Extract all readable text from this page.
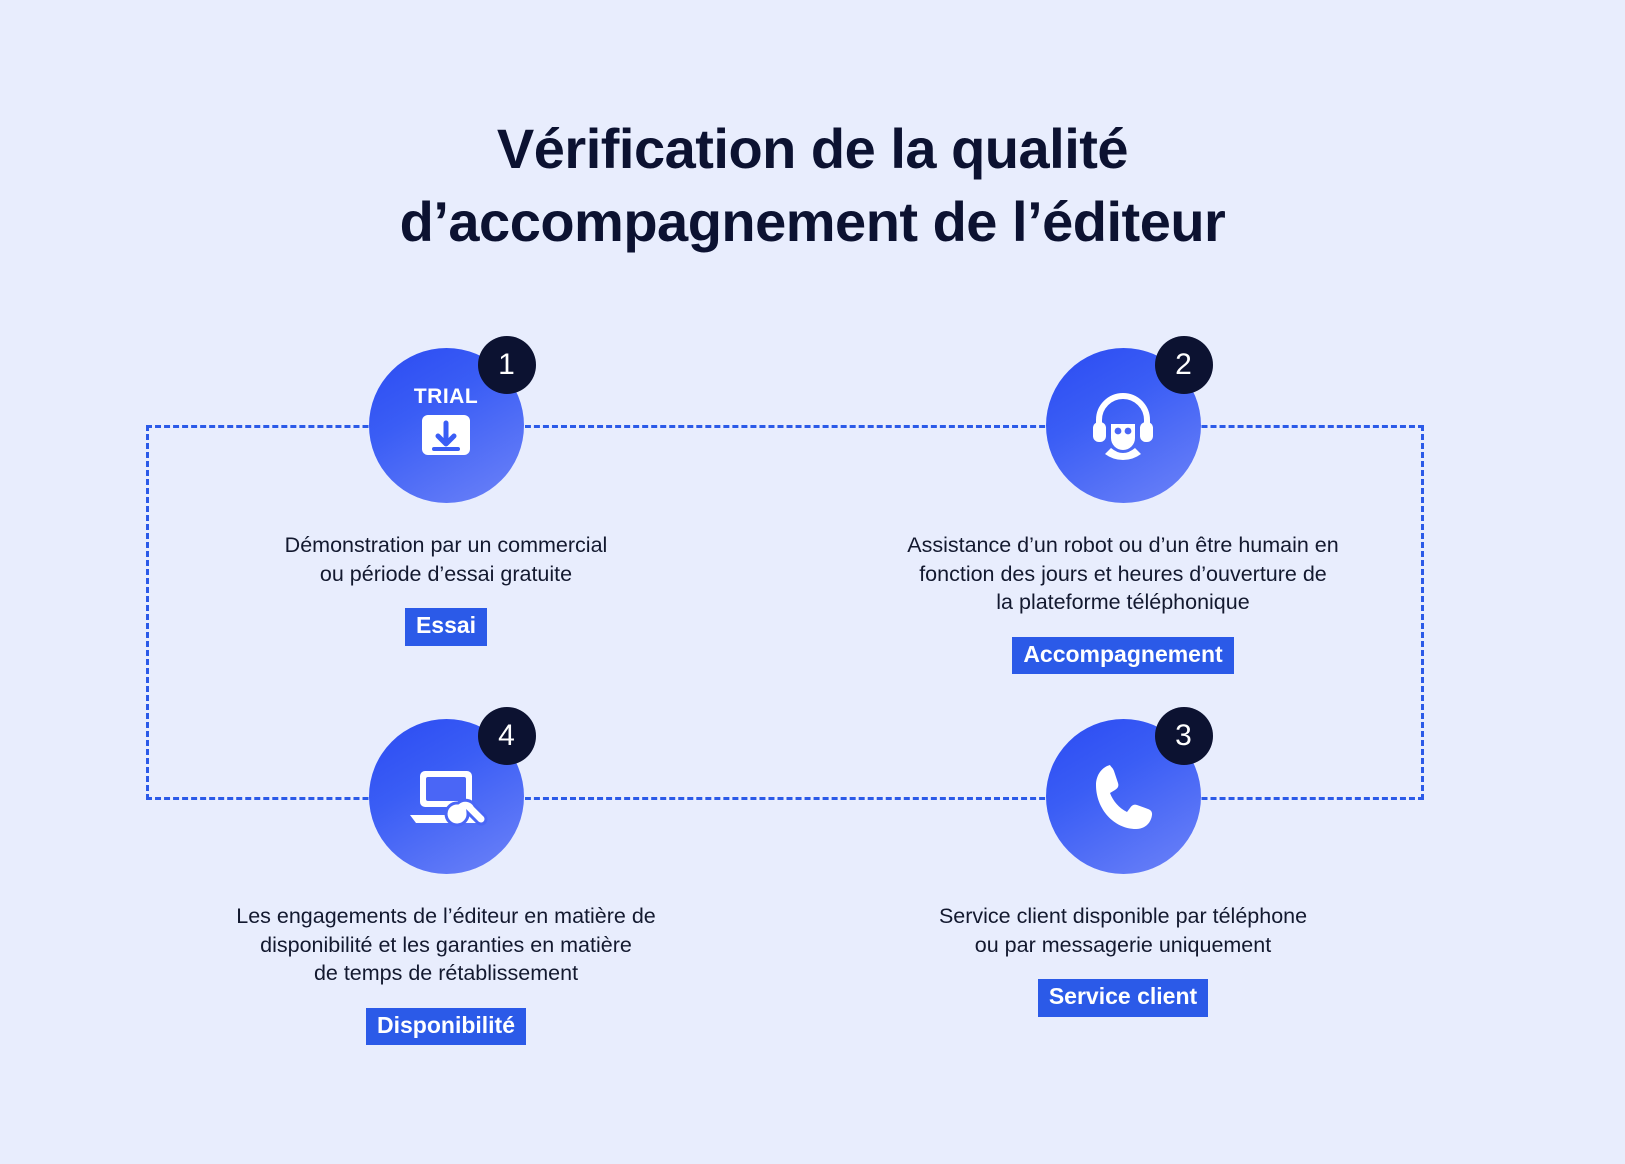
Vérification de la qualité
d’accompagnement de l’éditeur
TRIAL
1
Démonstration par un commercial
ou période d’essai gratuite
Essai
2
Assistance d’un robot ou d’un être humain en
fonction des jours et heures d’ouverture de
la plateforme téléphonique
Accompagnement
4
Les engagements de l’éditeur en matière de
disponibilité et les garanties en matière
de temps de rétablissement
Disponibilité
3
Service client disponible par téléphone
ou par messagerie uniquement
Service client
